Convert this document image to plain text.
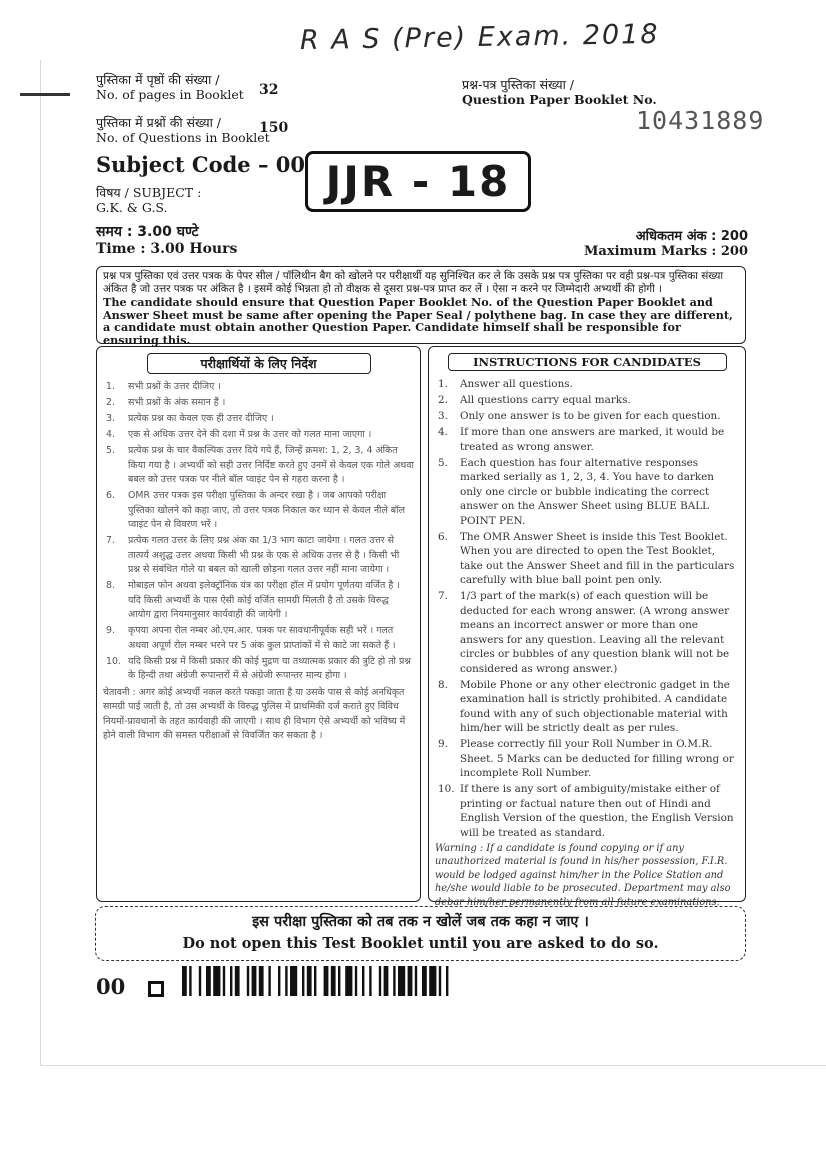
R A S (Pre) Exam. 2018
पुस्तिका में पृष्ठों की संख्या /
No. of pages in Booklet 32
पुस्तिका में प्रश्नों की संख्या /
No. of Questions in Booklet
150
प्रश्न-पत्र पुस्तिका संख्या /
Question Paper Booklet No.
10431889
Subject Code – 00 JJR - 18
विषय / SUBJECT :
G.K. & G.S.
समय : 3.00 घण्टे
Time : 3.00 Hours
अधिकतम अंक : 200
Maximum Marks : 200
प्रश्न पत्र पुस्तिका एवं उत्तर पत्रक के पेपर सील / पॉलिथीन बैग को खोलने पर परीक्षार्थी यह सुनिश्चित कर ले कि उसके प्रश्न पत्र पुस्तिका पर वही प्रश्न-पत्र पुस्तिका संख्या अंकित है जो उत्तर पत्रक पर अंकित है । इसमें कोई भिन्नता हो तो वीक्षक से दूसरा प्रश्न-पत्र प्राप्त कर लें । ऐसा न करने पर जिम्मेदारी अभ्यर्थी की होगी ।
The candidate should ensure that Question Paper Booklet No. of the Question Paper Booklet and Answer Sheet must be same after opening the Paper Seal / polythene bag. In case they are different, a candidate must obtain another Question Paper. Candidate himself shall be responsible for ensuring this.
परीक्षार्थियों के लिए निर्देश
1. सभी प्रश्नों के उत्तर दीजिए ।
2. सभी प्रश्नों के अंक समान हैं ।
3. प्रत्येक प्रश्न का केवल एक ही उत्तर दीजिए ।
4. एक से अधिक उत्तर देने की दशा में प्रश्न के उत्तर को गलत माना जाएगा ।
5. प्रत्येक प्रश्न के चार वैकल्पिक उत्तर दिये गये हैं, जिन्हें क्रमश: 1, 2, 3, 4 अंकित किया गया है । अभ्यर्थी को सही उत्तर निर्दिष्ट करते हुए उनमें से केवल एक गोले अथवा बबल को उत्तर पत्रक पर नीले बॉल प्वाइंट पेन से गहरा करना है ।
6. OMR उत्तर पत्रक इस परीक्षा पुस्तिका के अन्दर रखा है । जब आपको परीक्षा पुस्तिका खोलने को कहा जाए, तो उत्तर पत्रक निकाल कर ध्यान से केवल नीले बॉल प्वाइंट पेन से विवरण भरें ।
7. प्रत्येक गलत उत्तर के लिए प्रश्न अंक का 1/3 भाग काटा जायेगा । गलत उत्तर से तात्पर्य अशुद्ध उत्तर अथवा किसी भी प्रश्न के एक से अधिक उत्तर से है । किसी भी प्रश्न से संबंधित गोले या बबल को खाली छोड़ना गलत उत्तर नहीं माना जायेगा ।
8. मोबाइल फोन अथवा इलेक्ट्रॉनिक यंत्र का परीक्षा हॉल में प्रयोग पूर्णतया वर्जित है । यदि किसी अभ्यर्थी के पास ऐसी कोई वर्जित सामग्री मिलती है तो उसके विरुद्ध आयोग द्वारा नियमानुसार कार्यवाही की जायेगी ।
9. कृपया अपना रोल नम्बर ओ.एम.आर. पत्रक पर सावधानीपूर्वक सही भरें । गलत अथवा अपूर्ण रोल नम्बर भरने पर 5 अंक कुल प्राप्तांकों में से काटे जा सकते हैं ।
10. यदि किसी प्रश्न में किसी प्रकार की कोई मुद्रण या तथ्यात्मक प्रकार की त्रुटि हो तो प्रश्न के हिन्दी तथा अंग्रेजी रूपान्तरों में से अंग्रेजी रूपान्तर मान्य होगा ।
चेतावनी : अगर कोई अभ्यर्थी नकल करते पकड़ा जाता है या उसके पास से कोई अनधिकृत सामग्री पाई जाती है, तो उस अभ्यर्थी के विरुद्ध पुलिस में प्राथमिकी दर्ज कराते हुए विविध नियमों-प्रावधानों के तहत कार्यवाही की जाएगी । साथ ही विभाग ऐसे अभ्यर्थी को भविष्य में होने वाली विभाग की समस्त परीक्षाओं से विवर्जित कर सकता है ।
INSTRUCTIONS FOR CANDIDATES
1. Answer all questions.
2. All questions carry equal marks.
3. Only one answer is to be given for each question.
4. If more than one answers are marked, it would be treated as wrong answer.
5. Each question has four alternative responses marked serially as 1, 2, 3, 4. You have to darken only one circle or bubble indicating the correct answer on the Answer Sheet using BLUE BALL POINT PEN.
6. The OMR Answer Sheet is inside this Test Booklet. When you are directed to open the Test Booklet, take out the Answer Sheet and fill in the particulars carefully with blue ball point pen only.
7. 1/3 part of the mark(s) of each question will be deducted for each wrong answer. (A wrong answer means an incorrect answer or more than one answers for any question. Leaving all the relevant circles or bubbles of any question blank will not be considered as wrong answer.)
8. Mobile Phone or any other electronic gadget in the examination hall is strictly prohibited. A candidate found with any of such objectionable material with him/her will be strictly dealt as per rules.
9. Please correctly fill your Roll Number in O.M.R. Sheet. 5 Marks can be deducted for filling wrong or incomplete Roll Number.
10. If there is any sort of ambiguity/mistake either of printing or factual nature then out of Hindi and English Version of the question, the English Version will be treated as standard.
Warning : If a candidate is found copying or if any unauthorized material is found in his/her possession, F.I.R. would be lodged against him/her in the Police Station and he/she would liable to be prosecuted. Department may also debar him/her permanently from all future examinations.
इस परीक्षा पुस्तिका को तब तक न खोलें जब तक कहा न जाए ।
Do not open this Test Booklet until you are asked to do so.
00
